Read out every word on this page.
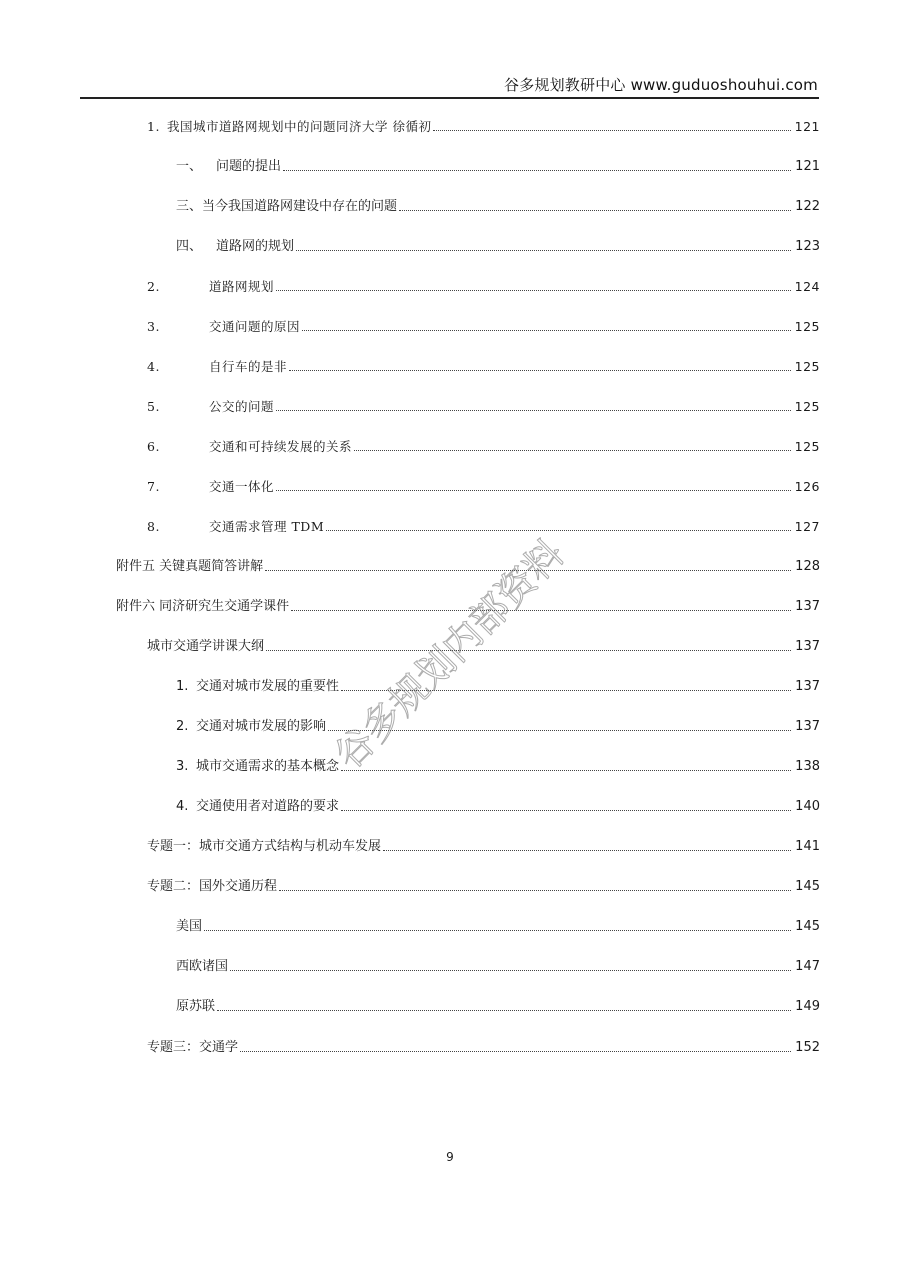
谷多规划教研中心 www.guduoshouhui.com
1. 我国城市道路网规划中的问题同济大学 徐循初	121
一、	问题的提出	121
三、当今我国道路网建设中存在的问题	122
四、	道路网的规划	123
2.	道路网规划	124
3.	交通问题的原因	125
4.	自行车的是非	125
5.	公交的问题	125
6.	交通和可持续发展的关系	125
7.	交通一体化	126
8.	交通需求管理 TDM	127
附件五 关键真题简答讲解	128
附件六 同济研究生交通学课件	137
城市交通学讲课大纲	137
1. 交通对城市发展的重要性	137
2. 交通对城市发展的影响	137
3. 城市交通需求的基本概念	138
4. 交通使用者对道路的要求	140
专题一：城市交通方式结构与机动车发展	141
专题二：国外交通历程	145
美国	145
西欧诸国	147
原苏联	149
专题三：交通学	152
谷多规划内部资料
9
